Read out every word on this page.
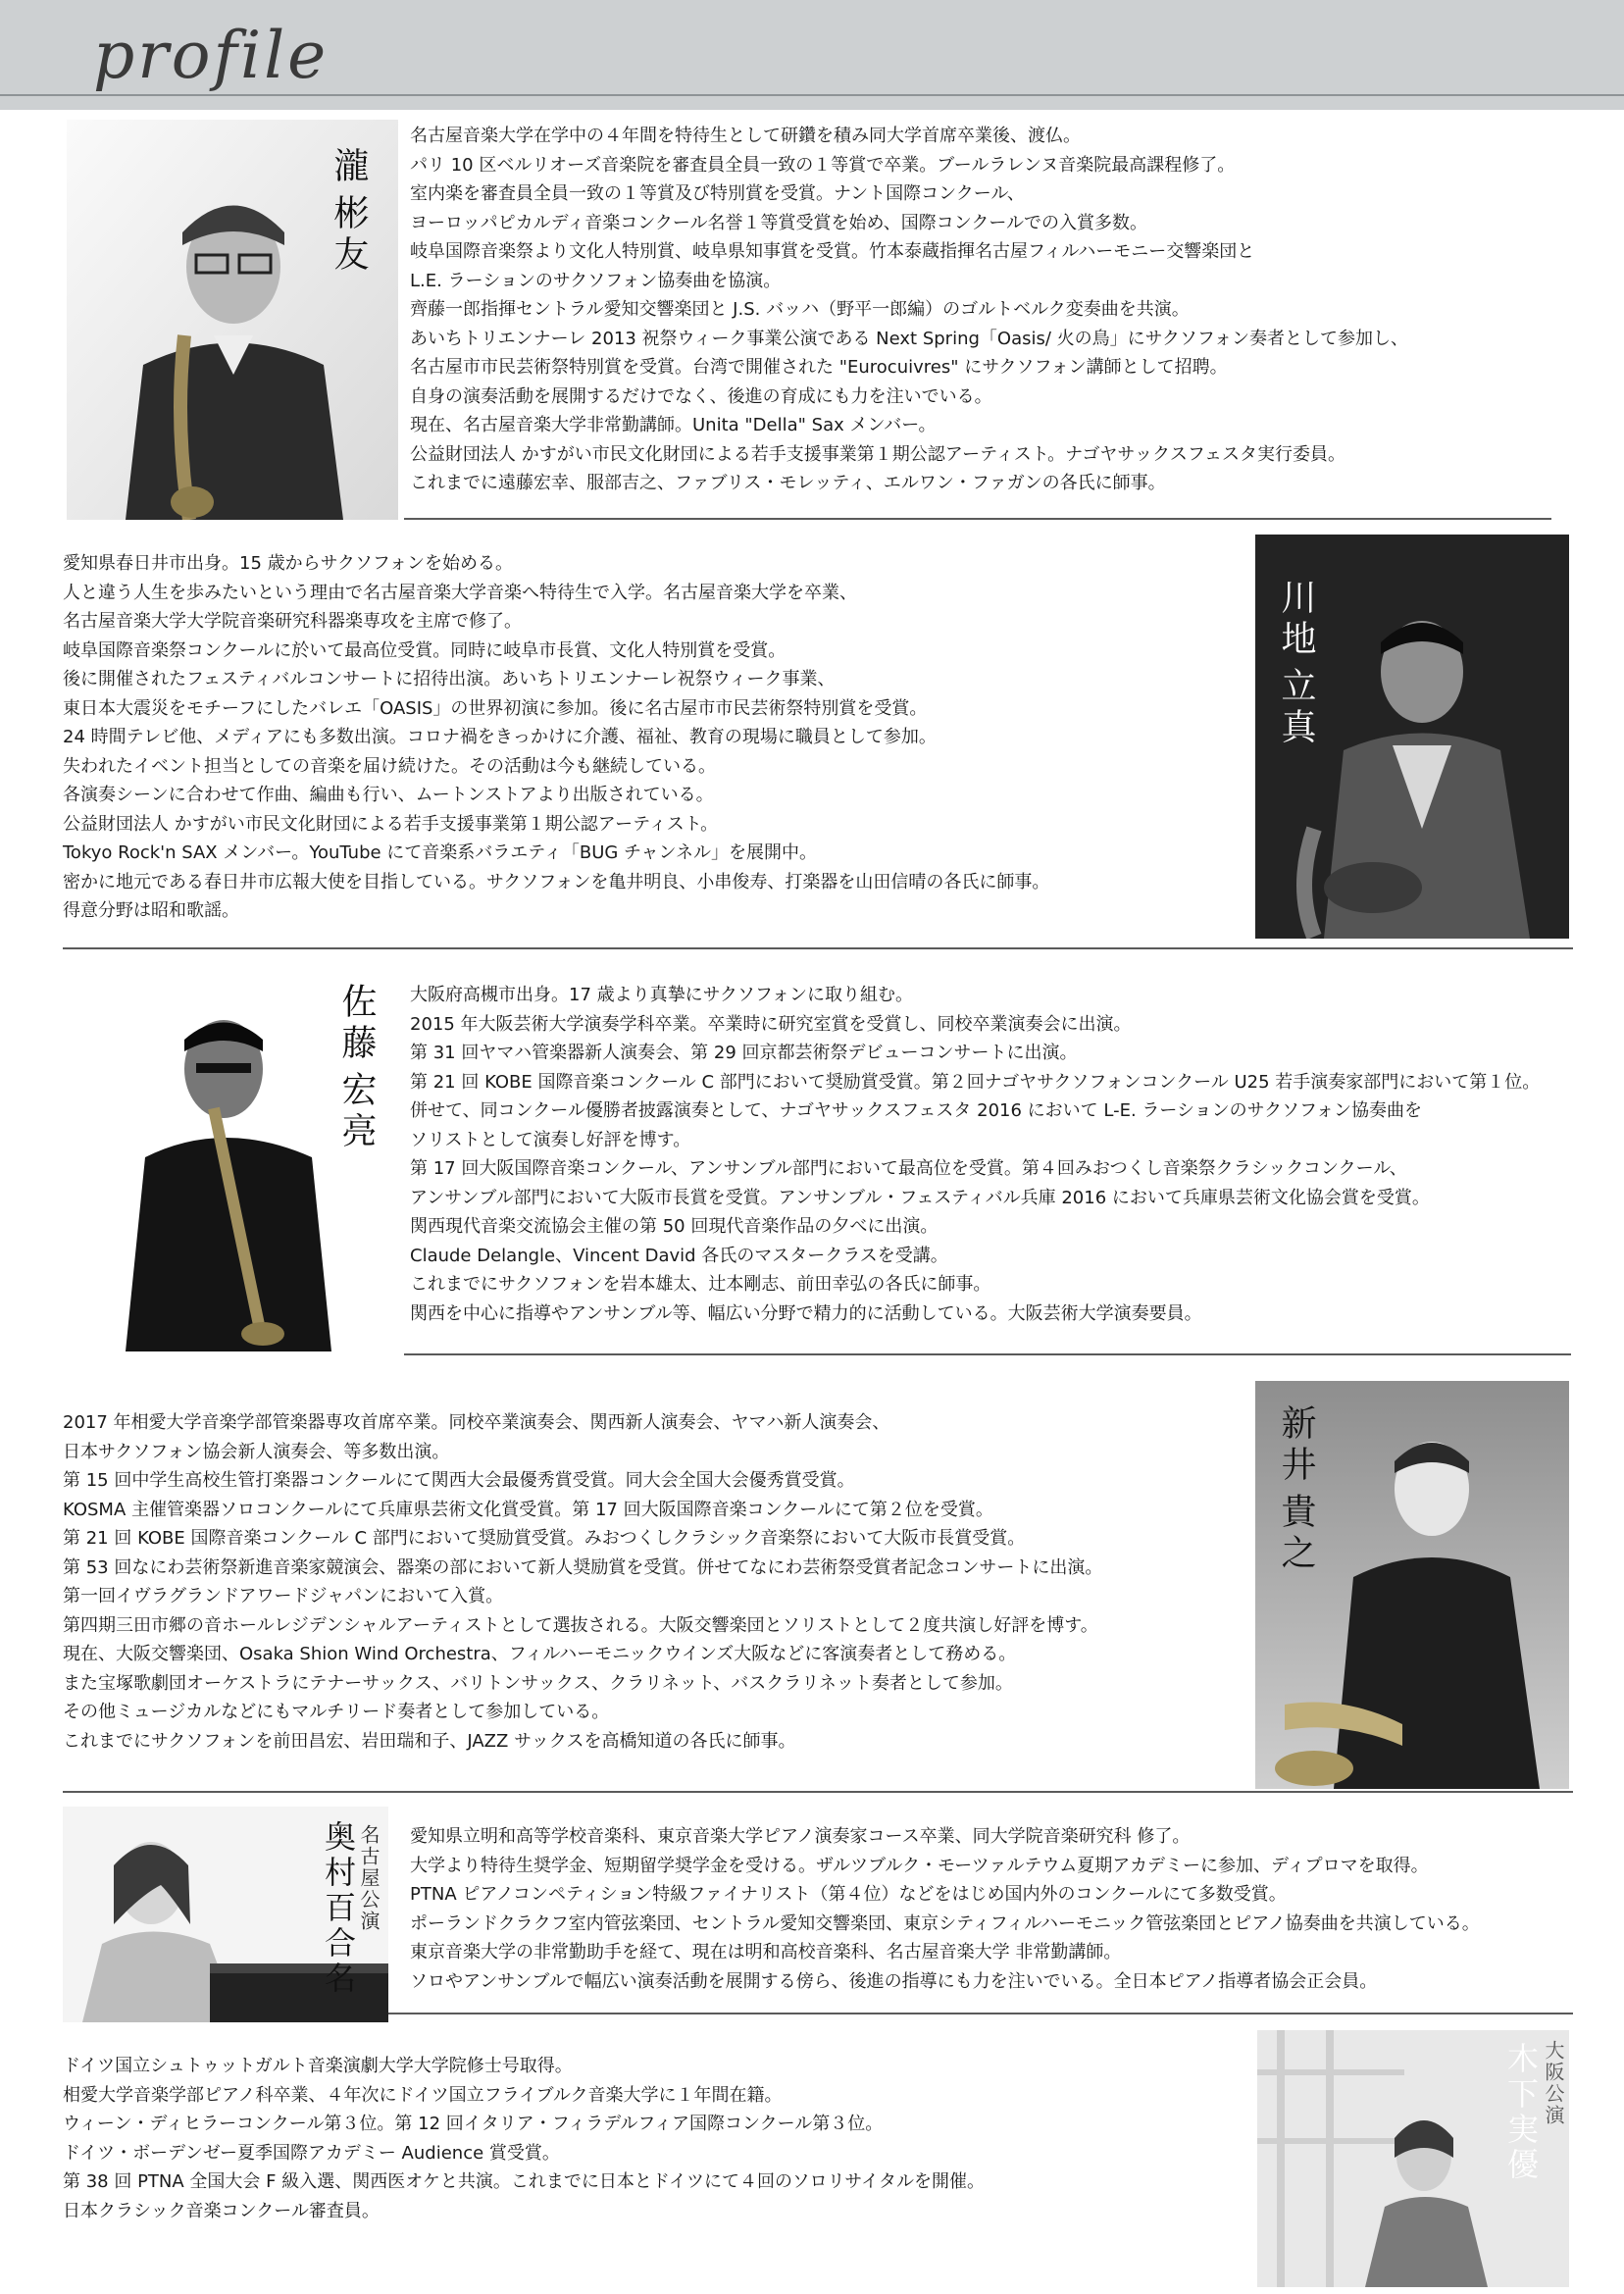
profile
瀧
彬友
名古屋音楽大学在学中の４年間を特待生として研鑽を積み同大学首席卒業後、渡仏。
パリ 10 区ベルリオーズ音楽院を審査員全員一致の１等賞で卒業。ブールラレンヌ音楽院最高課程修了。
室内楽を審査員全員一致の１等賞及び特別賞を受賞。ナント国際コンクール、
ヨーロッパピカルディ音楽コンクール名誉１等賞受賞を始め、国際コンクールでの入賞多数。
岐阜国際音楽祭より文化人特別賞、岐阜県知事賞を受賞。竹本泰蔵指揮名古屋フィルハーモニー交響楽団と
L.E. ラーションのサクソフォン協奏曲を協演。
齊藤一郎指揮セントラル愛知交響楽団と J.S. バッハ（野平一郎編）のゴルトベルク変奏曲を共演。
あいちトリエンナーレ 2013 祝祭ウィーク事業公演である Next Spring「Oasis/ 火の鳥」にサクソフォン奏者として参加し、
名古屋市市民芸術祭特別賞を受賞。台湾で開催された "Eurocuivres" にサクソフォン講師として招聘。
自身の演奏活動を展開するだけでなく、後進の育成にも力を注いでいる。
現在、名古屋音楽大学非常勤講師。Unitа "Della" Sax メンバー。
公益財団法人 かすがい市民文化財団による若手支援事業第１期公認アーティスト。ナゴヤサックスフェスタ実行委員。
これまでに遠藤宏幸、服部吉之、ファブリス・モレッティ、エルワン・ファガンの各氏に師事。
愛知県春日井市出身。15 歳からサクソフォンを始める。
人と違う人生を歩みたいという理由で名古屋音楽大学音楽へ特待生で入学。名古屋音楽大学を卒業、
名古屋音楽大学大学院音楽研究科器楽専攻を主席で修了。
岐阜国際音楽祭コンクールに於いて最高位受賞。同時に岐阜市長賞、文化人特別賞を受賞。
後に開催されたフェスティバルコンサートに招待出演。あいちトリエンナーレ祝祭ウィーク事業、
東日本大震災をモチーフにしたバレエ「OASIS」の世界初演に参加。後に名古屋市市民芸術祭特別賞を受賞。
24 時間テレビ他、メディアにも多数出演。コロナ禍をきっかけに介護、福祉、教育の現場に職員として参加。
失われたイベント担当としての音楽を届け続けた。その活動は今も継続している。
各演奏シーンに合わせて作曲、編曲も行い、ムートンストアより出版されている。
公益財団法人 かすがい市民文化財団による若手支援事業第１期公認アーティスト。
Tokyo Rock'n SAX メンバー。YouTube にて音楽系バラエティ「BUG チャンネル」を展開中。
密かに地元である春日井市広報大使を目指している。サクソフォンを亀井明良、小串俊寿、打楽器を山田信晴の各氏に師事。
得意分野は昭和歌謡。
川地
立真
佐藤
宏亮
大阪府高槻市出身。17 歳より真摯にサクソフォンに取り組む。
2015 年大阪芸術大学演奏学科卒業。卒業時に研究室賞を受賞し、同校卒業演奏会に出演。
第 31 回ヤマハ管楽器新人演奏会、第 29 回京都芸術祭デビューコンサートに出演。
第 21 回 KOBE 国際音楽コンクール C 部門において奨励賞受賞。第２回ナゴヤサクソフォンコンクール U25 若手演奏家部門において第１位。
併せて、同コンクール優勝者披露演奏として、ナゴヤサックスフェスタ 2016 において L-E. ラーションのサクソフォン協奏曲を
ソリストとして演奏し好評を博す。
第 17 回大阪国際音楽コンクール、アンサンブル部門において最高位を受賞。第４回みおつくし音楽祭クラシックコンクール、
アンサンブル部門において大阪市長賞を受賞。アンサンブル・フェスティバル兵庫 2016 において兵庫県芸術文化協会賞を受賞。
関西現代音楽交流協会主催の第 50 回現代音楽作品の夕べに出演。
Claude Delangle、Vincent David 各氏のマスタークラスを受講。
これまでにサクソフォンを岩本雄太、辻本剛志、前田幸弘の各氏に師事。
関西を中心に指導やアンサンブル等、幅広い分野で精力的に活動している。大阪芸術大学演奏要員。
2017 年相愛大学音楽学部管楽器専攻首席卒業。同校卒業演奏会、関西新人演奏会、ヤマハ新人演奏会、
日本サクソフォン協会新人演奏会、等多数出演。
第 15 回中学生高校生管打楽器コンクールにて関西大会最優秀賞受賞。同大会全国大会優秀賞受賞。
KOSMA 主催管楽器ソロコンクールにて兵庫県芸術文化賞受賞。第 17 回大阪国際音楽コンクールにて第２位を受賞。
第 21 回 KOBE 国際音楽コンクール C 部門において奨励賞受賞。みおつくしクラシック音楽祭において大阪市長賞受賞。
第 53 回なにわ芸術祭新進音楽家競演会、器楽の部において新人奨励賞を受賞。併せてなにわ芸術祭受賞者記念コンサートに出演。
第一回イヴラグランドアワードジャパンにおいて入賞。
第四期三田市郷の音ホールレジデンシャルアーティストとして選抜される。大阪交響楽団とソリストとして２度共演し好評を博す。
現在、大阪交響楽団、Osaka Shion Wind Orchestra、フィルハーモニックウインズ大阪などに客演奏者として務める。
また宝塚歌劇団オーケストラにテナーサックス、バリトンサックス、クラリネット、バスクラリネット奏者として参加。
その他ミュージカルなどにもマルチリード奏者として参加している。
これまでにサクソフォンを前田昌宏、岩田瑞和子、JAZZ サックスを高橋知道の各氏に師事。
新井
貴之
名古屋公演
奥村百合名	愛知県立明和高等学校音楽科、東京音楽大学ピアノ演奏家コース卒業、同大学院音楽研究科 修了。
大学より特待生奨学金、短期留学奨学金を受ける。ザルツブルク・モーツァルテウム夏期アカデミーに参加、ディプロマを取得。
PTNA ピアノコンペティション特級ファイナリスト（第４位）などをはじめ国内外のコンクールにて多数受賞。
ポーランドクラクフ室内管弦楽団、セントラル愛知交響楽団、東京シティフィルハーモニック管弦楽団とピアノ協奏曲を共演している。
東京音楽大学の非常勤助手を経て、現在は明和高校音楽科、名古屋音楽大学 非常勤講師。
ソロやアンサンブルで幅広い演奏活動を展開する傍ら、後進の指導にも力を注いでいる。全日本ピアノ指導者協会正会員。
ドイツ国立シュトゥットガルト音楽演劇大学大学院修士号取得。
相愛大学音楽学部ピアノ科卒業、４年次にドイツ国立フライブルク音楽大学に１年間在籍。
ウィーン・ディヒラーコンクール第３位。第 12 回イタリア・フィラデルフィア国際コンクール第３位。
ドイツ・ボーデンゼー夏季国際アカデミー Audience 賞受賞。
第 38 回 PTNA 全国大会 F 級入選、関西医オケと共演。これまでに日本とドイツにて４回のソロリサイタルを開催。
日本クラシック音楽コンクール審査員。
大阪公演
木下実優
